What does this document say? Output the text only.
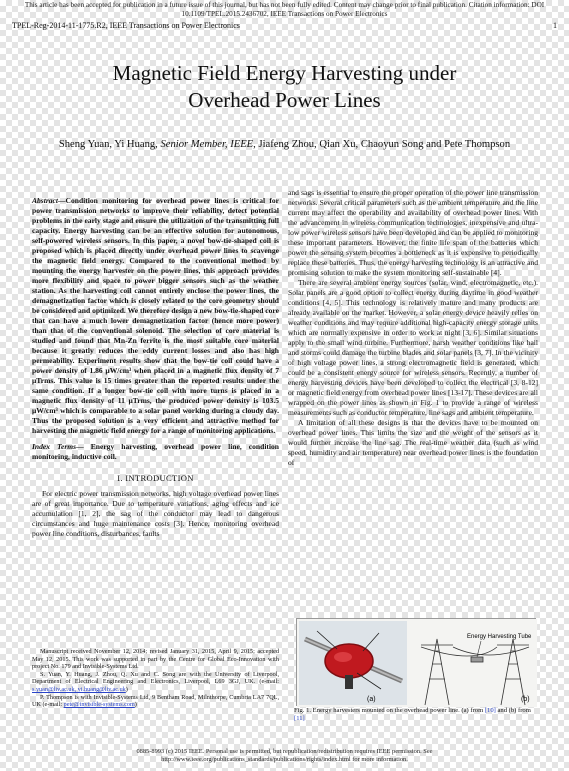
This article has been accepted for publication in a future issue of this journal, but has not been fully edited. Content may change prior to final publication. Citation information: DOI
10.1109/TPEL.2015.2436702, IEEE Transactions on Power Electronics
TPEL-Reg-2014-11-1775.R2, IEEE Transactions on Power Electronics	1
Magnetic Field Energy Harvesting under
Overhead Power Lines
Sheng Yuan, Yi Huang, Senior Member, IEEE, Jiafeng Zhou, Qian Xu, Chaoyun Song and Pete Thompson

Abstract—Condition monitoring for overhead power lines is critical for power transmission networks to improve their reliability, detect potential problems in the early stage and ensure the utilization of the transmitting full capacity. Energy harvesting can be an effective solution for autonomous, self-powered wireless sensors. In this paper, a novel bow-tie-shaped coil is proposed which is placed directly under overhead power lines to scavenge the magnetic field energy. Compared to the conventional method by mounting the energy harvester on the power lines, this approach provides more flexibility and space to power bigger sensors such as the weather station. As the harvesting coil cannot entirely enclose the power lines, the demagnetization factor which is closely related to the core geometry should be considered and optimized. We therefore design a new bow-tie-shaped core that can have a much lower demagnetization factor (hence more power) than that of the conventional solenoid. The selection of core material is studied and found that Mn-Zn ferrite is the most suitable core material because it greatly reduces the eddy current losses and also has high permeability. Experiment results show that the bow-tie coil could have a power density of 1.86 μW/cm³ when placed in a magnetic flux density of 7 μTrms. This value is 15 times greater than the reported results under the same condition. If a longer bow-tie coil with more turns is placed in a magnetic flux density of 11 μTrms, the produced power density is 103.5 μW/cm³ which is comparable to a solar panel working during a cloudy day. Thus the proposed solution is a very efficient and attractive method for harvesting the magnetic field energy for a range of monitoring applications.

Index Terms— Energy harvesting, overhead power line, condition monitoring, inductive coil.

I. INTRODUCTION

For electric power transmission networks, high voltage overhead power lines are of great importance. Due to temperature variations, aging effects and ice accumulation [1, 2], the sag of the conductor may lead to dangerous circumstances and huge maintenance costs [3]. Hence, monitoring overhead power line conditions, disturbances, faults

Manuscript received November 12, 2014; revised January 31, 2015, April 9, 2015; accepted May 12, 2015. This work was supported in part by the Centre for Global Eco-Innovation with project No. 179 and Invisible-Systems Ltd.

S. Yuan, Y. Huang, J. Zhou, Q. Xu and C. Song are with the University of Liverpool, Department of Electrical Engineering and Electronics, Liverpool, L69 3GJ, UK. (e-mail: s.yuan@liv.ac.uk, yi.huang@liv.ac.uk)

P. Thompson is with Invisible-Systems Ltd, 9 Bentham Road, Milnthorpe, Cumbria LA7 7QL, UK (e-mail: pete@invisible-systems.com)

and sags is essential to ensure the proper operation of the power line transmission networks. Several critical parameters such as the ambient temperature and the line current may affect the operability and availability of overhead power lines. With the advancement in wireless communication technologies, inexpensive and ultra-low power wireless sensors have been developed and can be applied to monitoring these important parameters. However, the finite life span of the batteries which power the sensing system becomes a bottleneck as it is expensive to periodically replace these batteries. Thus, the energy harvesting technology is an attractive and promising solution to make the system monitoring self-sustainable [4].

There are several ambient energy sources (solar, wind, electromagnetic, etc.). Solar panels are a good option to collect energy during daytime in good weather conditions [4, 5]. This technology is relatively mature and many products are already available on the market. However, a solar energy device heavily relies on weather conditions and may require additional high-capacity energy storage units which are normally expensive in order to work at night [3, 6]. Similar situations apply to the small wind turbine. Furthermore, harsh weather conditions like hail and storms could damage the turbine blades and solar panels [3, 7]. In the vicinity of high voltage power lines, a strong electromagnetic field is generated, which could be a consistent energy source for wireless sensors. Recently, a number of energy harvesting devices have been developed to collect the electrical [3, 8-12] or magnetic field energy from overhead power lines [13-17]. These devices are all wrapped on the power lines as shown in Fig. 1 to provide a range of wireless measurements such as conductor temperature, line sags and ambient temperature.

A limitation of all these designs is that the devices have to be mounted on overhead power lines. This limits the size and the weight of the sensors as it would further increase the line sag. The real-time weather data (such as wind speed, humidity and air temperature) near overhead power lines is the foundation of

(a)
Energy Harvesting Tube
(b)
Fig. 1. Energy harvesters mounted on the overhead power line. (a) from [10] and (b) from [11]
0885-8993 (c) 2015 IEEE. Personal use is permitted, but republication/redistribution requires IEEE permission. See
http://www.ieee.org/publications_standards/publications/rights/index.html for more information.
